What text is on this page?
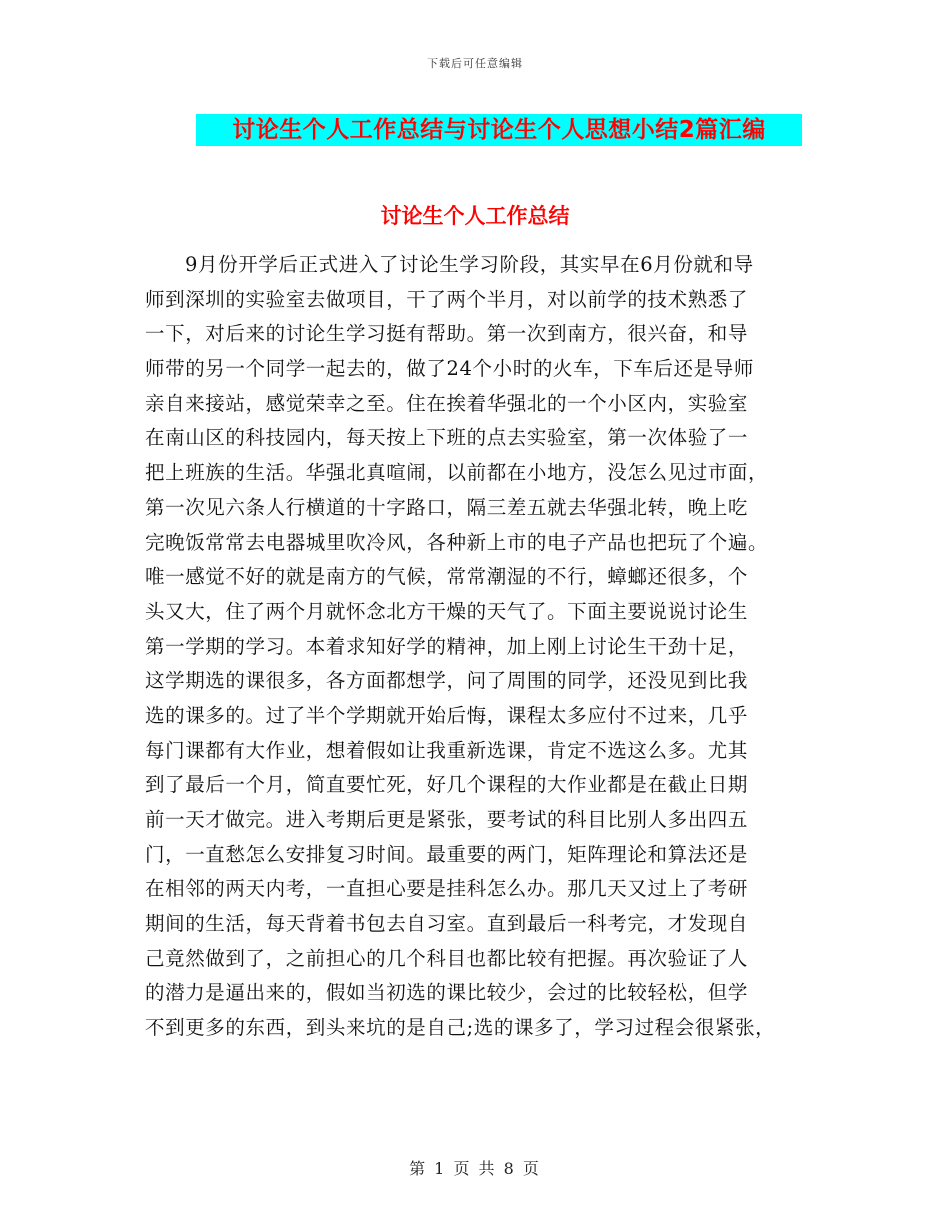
下载后可任意编辑
讨论生个人工作总结与讨论生个人思想小结2篇汇编
讨论生个人工作总结
9月份开学后正式进入了讨论生学习阶段，其实早在6月份就和导
师到深圳的实验室去做项目，干了两个半月，对以前学的技术熟悉了
一下，对后来的讨论生学习挺有帮助。第一次到南方，很兴奋，和导
师带的另一个同学一起去的，做了24个小时的火车，下车后还是导师
亲自来接站，感觉荣幸之至。住在挨着华强北的一个小区内，实验室
在南山区的科技园内，每天按上下班的点去实验室，第一次体验了一
把上班族的生活。华强北真喧闹，以前都在小地方，没怎么见过市面，
第一次见六条人行横道的十字路口，隔三差五就去华强北转，晚上吃
完晚饭常常去电器城里吹冷风，各种新上市的电子产品也把玩了个遍。
唯一感觉不好的就是南方的气候，常常潮湿的不行，蟑螂还很多，个
头又大，住了两个月就怀念北方干燥的天气了。下面主要说说讨论生
第一学期的学习。本着求知好学的精神，加上刚上讨论生干劲十足，
这学期选的课很多，各方面都想学，问了周围的同学，还没见到比我
选的课多的。过了半个学期就开始后悔，课程太多应付不过来，几乎
每门课都有大作业，想着假如让我重新选课，肯定不选这么多。尤其
到了最后一个月，简直要忙死，好几个课程的大作业都是在截止日期
前一天才做完。进入考期后更是紧张，要考试的科目比别人多出四五
门，一直愁怎么安排复习时间。最重要的两门，矩阵理论和算法还是
在相邻的两天内考，一直担心要是挂科怎么办。那几天又过上了考研
期间的生活，每天背着书包去自习室。直到最后一科考完，才发现自
己竟然做到了，之前担心的几个科目也都比较有把握。再次验证了人
的潜力是逼出来的，假如当初选的课比较少，会过的比较轻松，但学
不到更多的东西，到头来坑的是自己;选的课多了，学习过程会很紧张，
第 1 页 共 8 页
